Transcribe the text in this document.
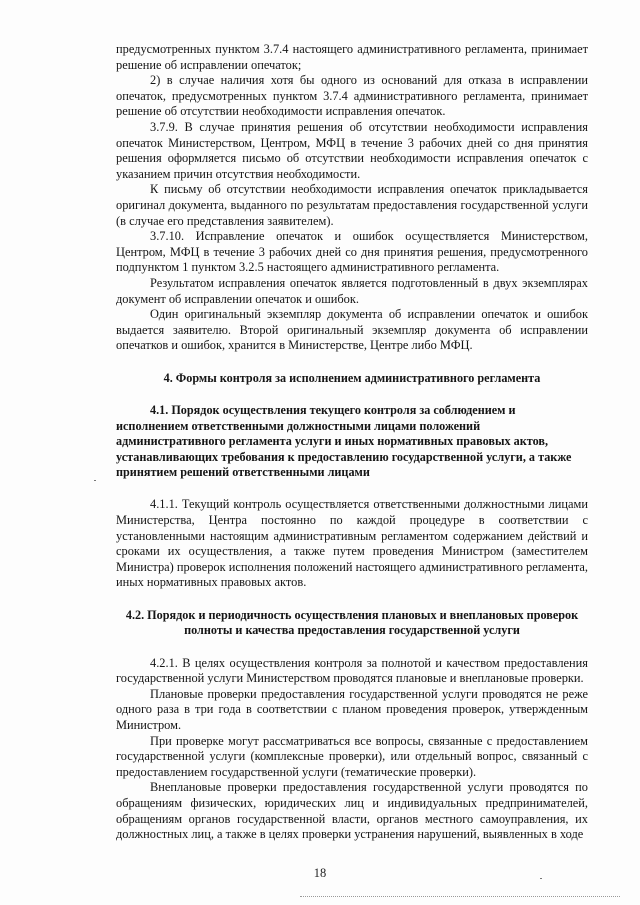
предусмотренных пунктом 3.7.4 настоящего административного регламента, принимает решение об исправлении опечаток;

2) в случае наличия хотя бы одного из оснований для отказа в исправлении опечаток, предусмотренных пунктом 3.7.4 административного регламента, принимает решение об отсутствии необходимости исправления опечаток.

3.7.9. В случае принятия решения об отсутствии необходимости исправления опечаток Министерством, Центром, МФЦ в течение 3 рабочих дней со дня принятия решения оформляется письмо об отсутствии необходимости исправления опечаток с указанием причин отсутствия необходимости.

К письму об отсутствии необходимости исправления опечаток прикладывается оригинал документа, выданного по результатам предоставления государственной услуги (в случае его представления заявителем).

3.7.10. Исправление опечаток и ошибок осуществляется Министерством, Центром, МФЦ в течение 3 рабочих дней со дня принятия решения, предусмотренного подпунктом 1 пунктом 3.2.5 настоящего административного регламента.

Результатом исправления опечаток является подготовленный в двух экземплярах документ об исправлении опечаток и ошибок.

Один оригинальный экземпляр документа об исправлении опечаток и ошибок выдается заявителю. Второй оригинальный экземпляр документа об исправлении опечатков и ошибок, хранится в Министерстве, Центре либо МФЦ.

4. Формы контроля за исполнением административного регламента

4.1. Порядок осуществления текущего контроля за соблюдением и исполнением ответственными должностными лицами положений административного регламента услуги и иных нормативных правовых актов, устанавливающих требования к предоставлению государственной услуги, а также принятием решений ответственными лицами

4.1.1. Текущий контроль осуществляется ответственными должностными лицами Министерства, Центра постоянно по каждой процедуре в соответствии с установленными настоящим административным регламентом содержанием действий и сроками их осуществления, а также путем проведения Министром (заместителем Министра) проверок исполнения положений настоящего административного регламента, иных нормативных правовых актов.

4.2. Порядок и периодичность осуществления плановых и внеплановых проверок
полноты и качества предоставления государственной услуги

4.2.1. В целях осуществления контроля за полнотой и качеством предоставления государственной услуги Министерством проводятся плановые и внеплановые проверки.

Плановые проверки предоставления государственной услуги проводятся не реже одного раза в три года в соответствии с планом проведения проверок, утвержденным Министром.

При проверке могут рассматриваться все вопросы, связанные с предоставлением государственной услуги (комплексные проверки), или отдельный вопрос, связанный с предоставлением государственной услуги (тематические проверки).

Внеплановые проверки предоставления государственной услуги проводятся по обращениям физических, юридических лиц и индивидуальных предпринимателей, обращениям органов государственной власти, органов местного самоуправления, их должностных лиц, а также в целях проверки устранения нарушений, выявленных в ходе

18
